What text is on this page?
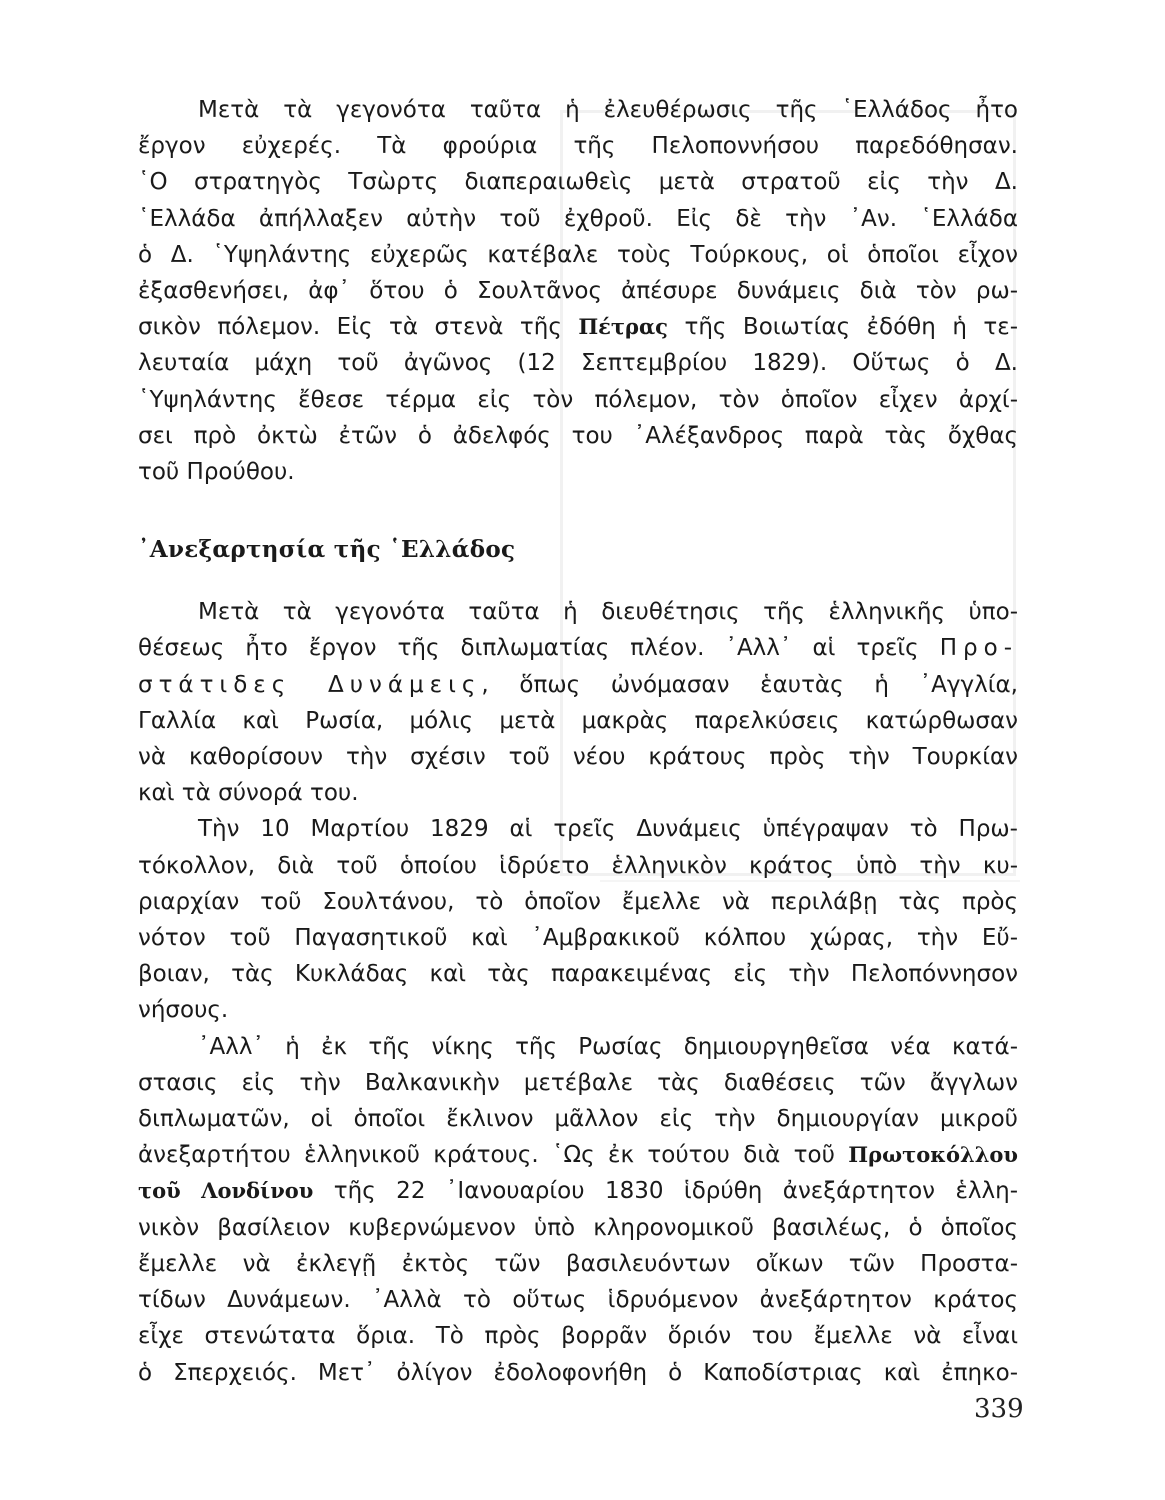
Μετὰ τὰ γεγονότα ταῦτα ἡ ἐλευθέρωσις τῆς ῾Ελλάδος ἦτο
ἔργον εὐχερές. Τὰ φρούρια τῆς Πελοποννήσου παρεδόθησαν.
῾Ο στρατηγὸς Τσὼρτς διαπεραιωθεὶς μετὰ στρατοῦ εἰς τὴν Δ.
῾Ελλάδα ἀπήλλαξεν αὐτὴν τοῦ ἐχθροῦ. Εἰς δὲ τὴν ᾿Αν. ῾Ελλάδα
ὁ Δ. ῾Υψηλάντης εὐχερῶς κατέβαλε τοὺς Τούρκους, οἱ ὁποῖοι εἶχον
ἐξασθενήσει, ἀφ᾿ ὅτου ὁ Σουλτᾶνος ἀπέσυρε δυνάμεις διὰ τὸν ρω-
σικὸν πόλεμον. Εἰς τὰ στενὰ τῆς Πέτρας τῆς Βοιωτίας ἐδόθη ἡ τε-
λευταία μάχη τοῦ ἀγῶνος (12 Σεπτεμβρίου 1829). Οὕτως ὁ Δ.
῾Υψηλάντης ἔθεσε τέρμα εἰς τὸν πόλεμον, τὸν ὁποῖον εἶχεν ἀρχί-
σει πρὸ ὀκτὼ ἐτῶν ὁ ἀδελφός του ᾿Αλέξανδρος παρὰ τὰς ὄχθας
τοῦ Προύθου.

᾿Ανεξαρτησία τῆς ῾Ελλάδος

Μετὰ τὰ γεγονότα ταῦτα ἡ διευθέτησις τῆς ἑλληνικῆς ὑπο-
θέσεως ἦτο ἔργον τῆς διπλωματίας πλέον. ᾿Αλλ᾿ αἱ τρεῖς Προ-
στάτιδες Δυνάμεις, ὅπως ὠνόμασαν ἑαυτὰς ἡ ᾿Αγγλία,
Γαλλία καὶ Ρωσία, μόλις μετὰ μακρὰς παρελκύσεις κατώρθωσαν
νὰ καθορίσουν τὴν σχέσιν τοῦ νέου κράτους πρὸς τὴν Τουρκίαν
καὶ τὰ σύνορά του.

Τὴν 10 Μαρτίου 1829 αἱ τρεῖς Δυνάμεις ὑπέγραψαν τὸ Πρω-
τόκολλον, διὰ τοῦ ὁποίου ἱδρύετο ἑλληνικὸν κράτος ὑπὸ τὴν κυ-
ριαρχίαν τοῦ Σουλτάνου, τὸ ὁποῖον ἔμελλε νὰ περιλάβῃ τὰς πρὸς
νότον τοῦ Παγασητικοῦ καὶ ᾿Αμβρακικοῦ κόλπου χώρας, τὴν Εὔ-
βοιαν, τὰς Κυκλάδας καὶ τὰς παρακειμένας εἰς τὴν Πελοπόννησον
νήσους.

᾿Αλλ᾿ ἡ ἐκ τῆς νίκης τῆς Ρωσίας δημιουργηθεῖσα νέα κατά-
στασις εἰς τὴν Βαλκανικὴν μετέβαλε τὰς διαθέσεις τῶν ἄγγλων
διπλωματῶν, οἱ ὁποῖοι ἔκλινον μᾶλλον εἰς τὴν δημιουργίαν μικροῦ
ἀνεξαρτήτου ἑλληνικοῦ κράτους. ῾Ως ἐκ τούτου διὰ τοῦ Πρωτοκόλλου
τοῦ Λονδίνου τῆς 22 ᾿Ιανουαρίου 1830 ἱδρύθη ἀνεξάρτητον ἑλλη-
νικὸν βασίλειον κυβερνώμενον ὑπὸ κληρονομικοῦ βασιλέως, ὁ ὁποῖος
ἔμελλε νὰ ἐκλεγῇ ἐκτὸς τῶν βασιλευόντων οἴκων τῶν Προστα-
τίδων Δυνάμεων. ᾿Αλλὰ τὸ οὕτως ἱδρυόμενον ἀνεξάρτητον κράτος
εἶχε στενώτατα ὅρια. Τὸ πρὸς βορρᾶν ὅριόν του ἔμελλε νὰ εἶναι
ὁ Σπερχειός. Μετ᾿ ὀλίγον ἐδολοφονήθη ὁ Καποδίστριας καὶ ἐπηκο-

339
